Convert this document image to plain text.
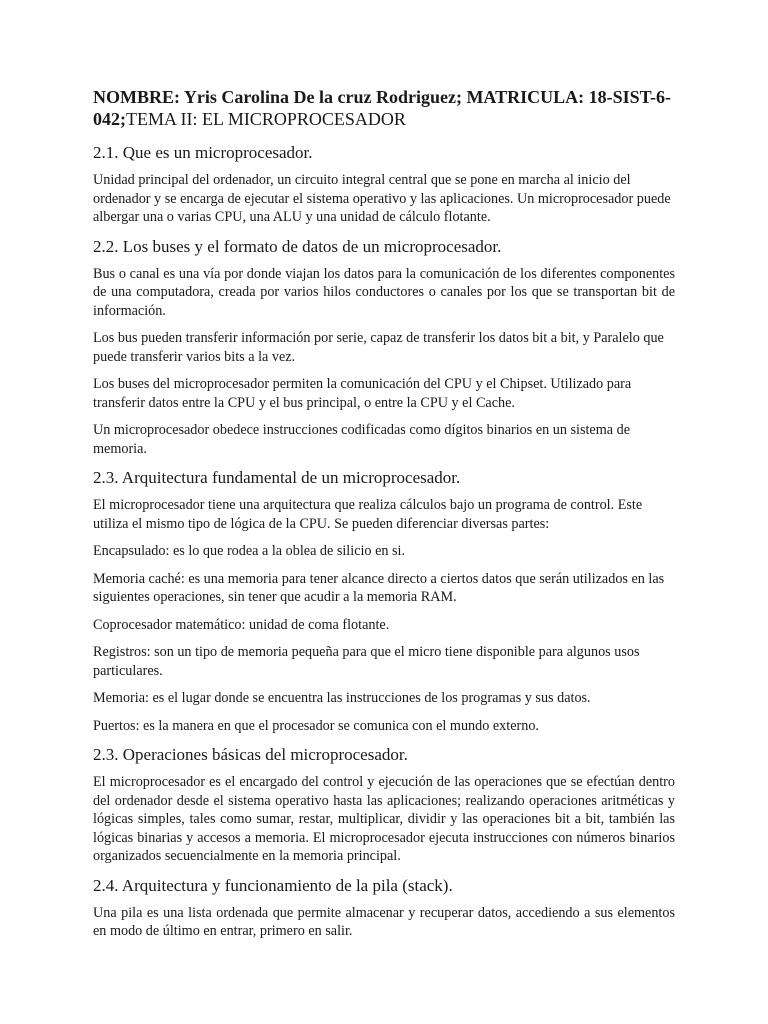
NOMBRE: Yris Carolina De la cruz Rodriguez; MATRICULA: 18-SIST-6-042;TEMA II: EL MICROPROCESADOR
2.1. Que es un microprocesador.

Unidad principal del ordenador, un circuito integral central que se pone en marcha al inicio del ordenador y se encarga de ejecutar el sistema operativo y las aplicaciones. Un microprocesador puede albergar una o varias CPU, una ALU y una unidad de cálculo flotante.

2.2. Los buses y el formato de datos de un microprocesador.

Bus o canal es una vía por donde viajan los datos para la comunicación de los diferentes componentes de una computadora, creada por varios hilos conductores o canales por los que se transportan bit de información.

Los bus pueden transferir información por serie, capaz de transferir los datos bit a bit, y Paralelo que puede transferir varios bits a la vez.

Los buses del microprocesador permiten la comunicación del CPU y el Chipset. Utilizado para transferir datos entre la CPU y el bus principal, o entre la CPU y el Cache.

Un microprocesador obedece instrucciones codificadas como dígitos binarios en un sistema de memoria.

2.3. Arquitectura fundamental de un microprocesador.

El microprocesador tiene una arquitectura que realiza cálculos bajo un programa de control. Este utiliza el mismo tipo de lógica de la CPU. Se pueden diferenciar diversas partes:

Encapsulado: es lo que rodea a la oblea de silicio en si.

Memoria caché: es una memoria para tener alcance directo a ciertos datos que serán utilizados en las siguientes operaciones, sin tener que acudir a la memoria RAM.

Coprocesador matemático: unidad de coma flotante.

Registros: son un tipo de memoria pequeña para que el micro tiene disponible para algunos usos particulares.

Memoria: es el lugar donde se encuentra las instrucciones de los programas y sus datos.

Puertos: es la manera en que el procesador se comunica con el mundo externo.

2.3. Operaciones básicas del microprocesador.

El microprocesador es el encargado del control y ejecución de las operaciones que se efectúan dentro del ordenador desde el sistema operativo hasta las aplicaciones; realizando operaciones aritméticas y lógicas simples, tales como sumar, restar, multiplicar, dividir y las operaciones bit a bit, también las lógicas binarias y accesos a memoria. El microprocesador ejecuta instrucciones con números binarios organizados secuencialmente en la memoria principal.

2.4. Arquitectura y funcionamiento de la pila (stack).

Una pila es una lista ordenada que permite almacenar y recuperar datos, accediendo a sus elementos en modo de último en entrar, primero en salir.
